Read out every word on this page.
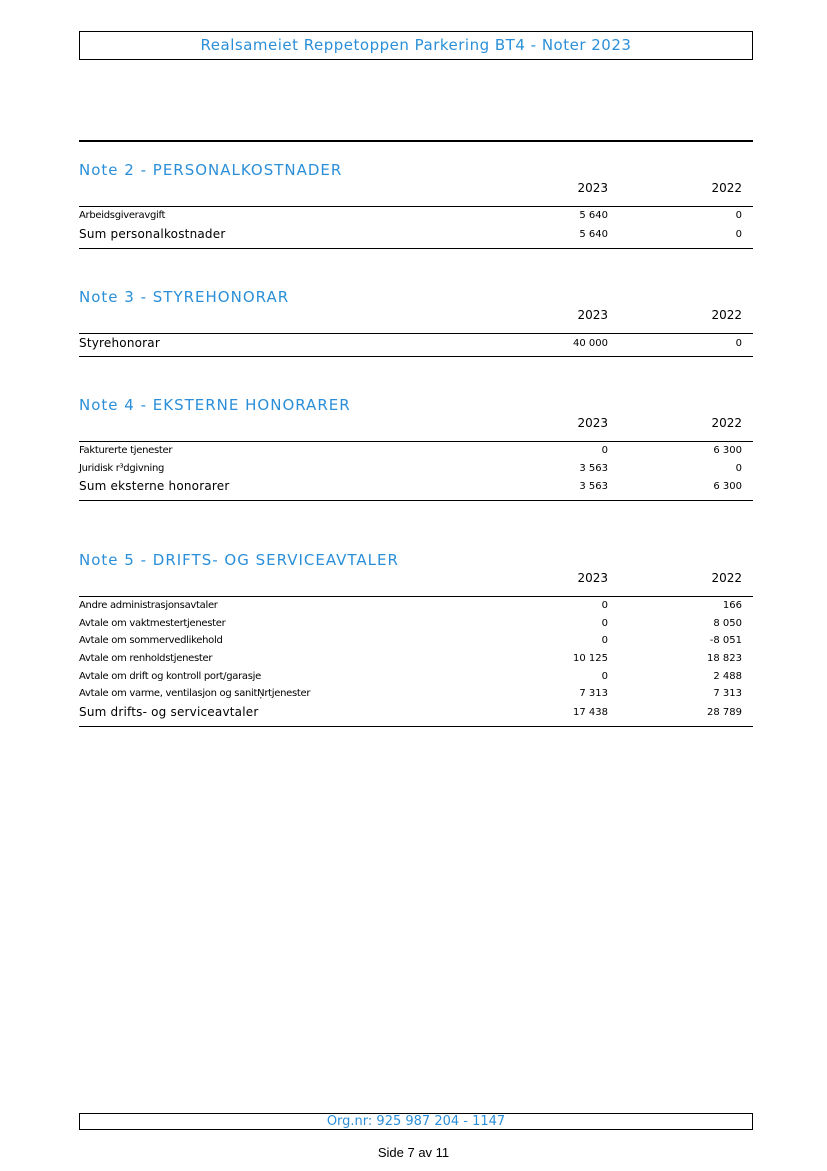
Realsameiet Reppetoppen Parkering BT4 - Noter 2023
Note 2 - PERSONALKOSTNADER
2023	2022
Arbeidsgiveravgift	5 640	0
Sum personalkostnader	5 640	0
Note 3 - STYREHONORAR
2023	2022
Styrehonorar	40 000	0
Note 4 - EKSTERNE HONORARER
2023	2022
Fakturerte tjenester	0	6 300
Juridisk r³dgivning	3 563	0
Sum eksterne honorarer	3 563	6 300
Note 5 - DRIFTS- OG SERVICEAVTALER
2023	2022
Andre administrasjonsavtaler	0	166
Avtale om vaktmestertjenester	0	8 050
Avtale om sommervedlikehold	0	-8 051
Avtale om renholdstjenester	10 125	18 823
Avtale om drift og kontroll port/garasje	0	2 488
Avtale om varme, ventilasjon og sanitŅrtjenester	7 313	7 313
Sum drifts- og serviceavtaler	17 438	28 789
Org.nr: 925 987 204 - 1147
Side 7 av 11
